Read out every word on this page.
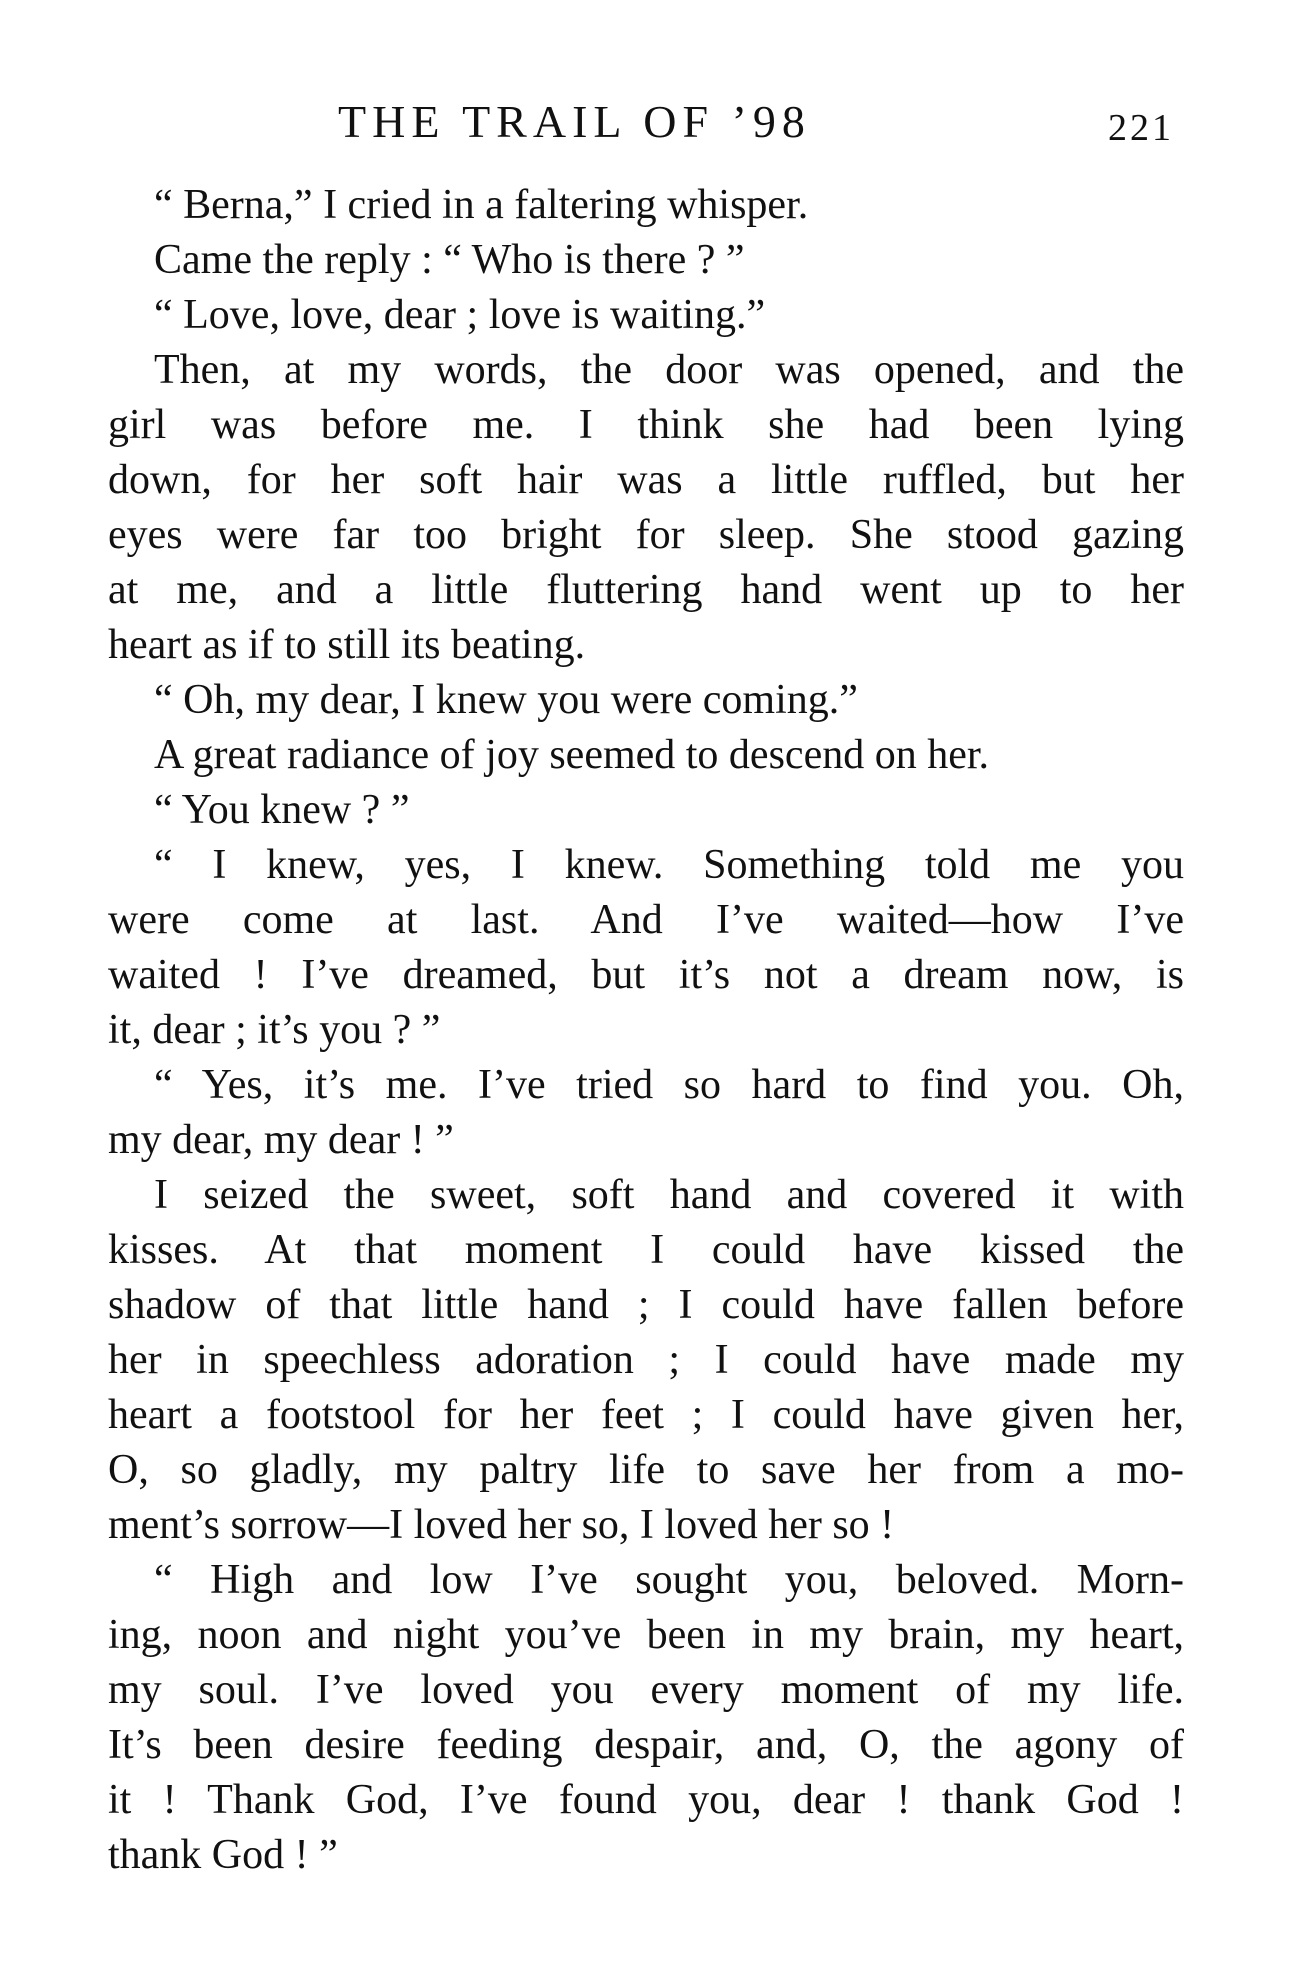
THE TRAIL OF ’98	221
“ Berna,” I cried in a faltering whisper.
Came the reply : “ Who is there ? ”
“ Love, love, dear ; love is waiting.”
Then, at my words, the door was opened, and the
girl was before me. I think she had been lying
down, for her soft hair was a little ruffled, but her
eyes were far too bright for sleep. She stood gazing
at me, and a little fluttering hand went up to her
heart as if to still its beating.
“ Oh, my dear, I knew you were coming.”
A great radiance of joy seemed to descend on her.
“ You knew ? ”
“ I knew, yes, I knew. Something told me you
were come at last. And I’ve waited—how I’ve
waited ! I’ve dreamed, but it’s not a dream now, is
it, dear ; it’s you ? ”
“ Yes, it’s me. I’ve tried so hard to find you. Oh,
my dear, my dear ! ”
I seized the sweet, soft hand and covered it with
kisses. At that moment I could have kissed the
shadow of that little hand ; I could have fallen before
her in speechless adoration ; I could have made my
heart a footstool for her feet ; I could have given her,
O, so gladly, my paltry life to save her from a mo-
ment’s sorrow—I loved her so, I loved her so !
“ High and low I’ve sought you, beloved. Morn-
ing, noon and night you’ve been in my brain, my heart,
my soul. I’ve loved you every moment of my life.
It’s been desire feeding despair, and, O, the agony of
it ! Thank God, I’ve found you, dear ! thank God !
thank God ! ”
